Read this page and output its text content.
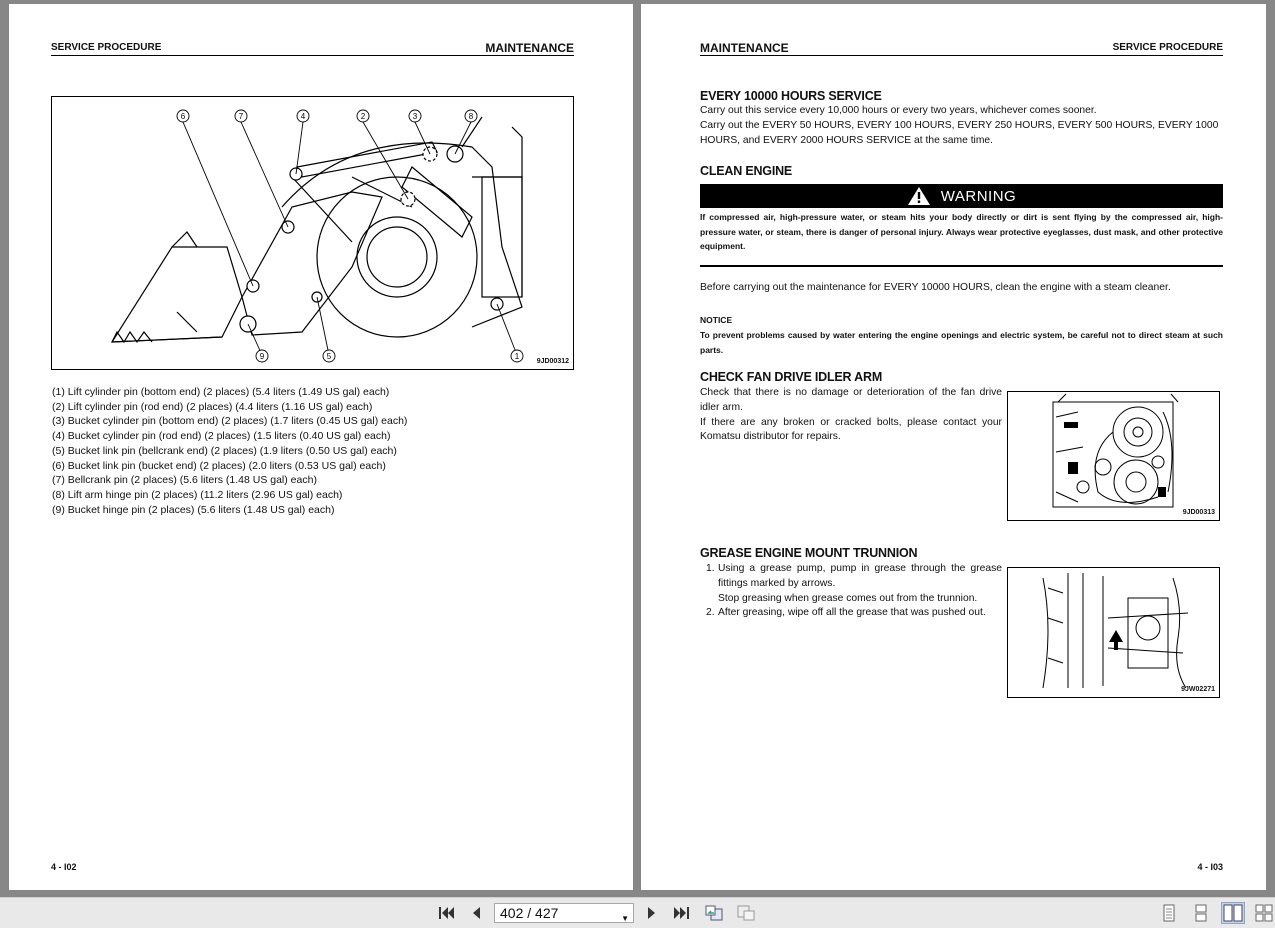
SERVICE PROCEDURE	MAINTENANCE
6	7	4	2	3	8
9	5	1
9JD00312
(1) Lift cylinder pin (bottom end) (2 places) (5.4 liters (1.49 US gal) each)
(2) Lift cylinder pin (rod end) (2 places) (4.4 liters (1.16 US gal) each)
(3) Bucket cylinder pin (bottom end) (2 places) (1.7 liters (0.45 US gal) each)
(4) Bucket cylinder pin (rod end) (2 places) (1.5 liters (0.40 US gal) each)
(5) Bucket link pin (bellcrank end) (2 places) (1.9 liters (0.50 US gal) each)
(6) Bucket link pin (bucket end) (2 places) (2.0 liters (0.53 US gal) each)
(7) Bellcrank pin (2 places) (5.6 liters (1.48 US gal) each)
(8) Lift arm hinge pin (2 places) (11.2 liters (2.96 US gal) each)
(9) Bucket hinge pin (2 places) (5.6 liters (1.48 US gal) each)
4 - I02
MAINTENANCE	SERVICE PROCEDURE
EVERY 10000 HOURS SERVICE
Carry out this service every 10,000 hours or every two years, whichever comes sooner.
Carry out the EVERY 50 HOURS, EVERY 100 HOURS, EVERY 250 HOURS, EVERY 500 HOURS, EVERY 1000 HOURS, and EVERY 2000 HOURS SERVICE at the same time.
CLEAN ENGINE
WARNING
If compressed air, high-pressure water, or steam hits your body directly or dirt is sent flying by the compressed air, high-pressure water, or steam, there is danger of personal injury. Always wear protective eyeglasses, dust mask, and other protective equipment.
Before carrying out the maintenance for EVERY 10000 HOURS, clean the engine with a steam cleaner.
NOTICE
To prevent problems caused by water entering the engine openings and electric system, be careful not to direct steam at such parts.
CHECK FAN DRIVE IDLER ARM
Check that there is no damage or deterioration of the fan drive idler arm.
If there are any broken or cracked bolts, please contact your Komatsu distributor for repairs.
9JD00313
GREASE ENGINE MOUNT TRUNNION
1. Using a grease pump, pump in grease through the grease fittings marked by arrows.
Stop greasing when grease comes out from the trunnion.
2. After greasing, wipe off all the grease that was pushed out.
9JW02271
4 - I03
402 / 427	▼
